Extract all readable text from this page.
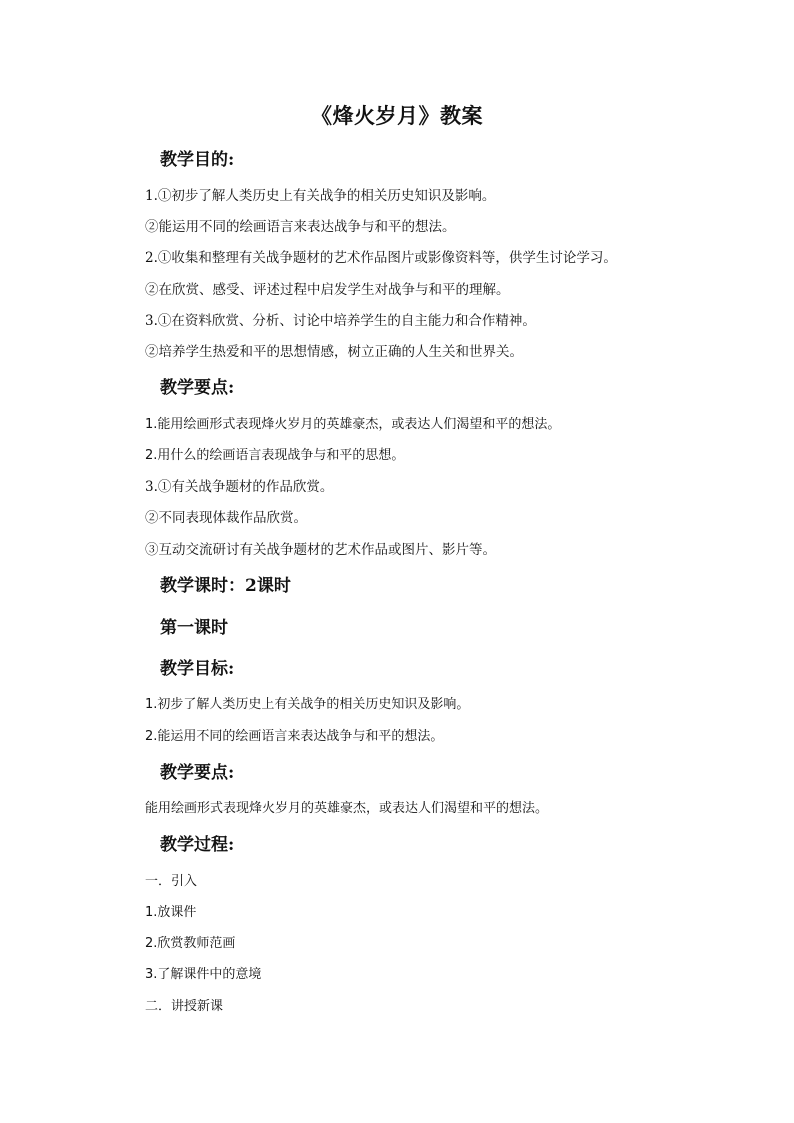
《烽火岁月》教案
教学目的:
1.①初步了解人类历史上有关战争的相关历史知识及影响。
②能运用不同的绘画语言来表达战争与和平的想法。
2.①收集和整理有关战争题材的艺术作品图片或影像资料等，供学生讨论学习。
②在欣赏、感受、评述过程中启发学生对战争与和平的理解。
3.①在资料欣赏、分析、讨论中培养学生的自主能力和合作精神。
②培养学生热爱和平的思想情感，树立正确的人生关和世界关。
教学要点:
1.能用绘画形式表现烽火岁月的英雄豪杰，或表达人们渴望和平的想法。
2.用什么的绘画语言表现战争与和平的思想。
3.①有关战争题材的作品欣赏。
②不同表现体裁作品欣赏。
③互动交流研讨有关战争题材的艺术作品或图片、影片等。
教学课时：2课时
第一课时
教学目标:
1.初步了解人类历史上有关战争的相关历史知识及影响。
2.能运用不同的绘画语言来表达战争与和平的想法。
教学要点:
能用绘画形式表现烽火岁月的英雄豪杰，或表达人们渴望和平的想法。
教学过程:
一．引入
1.放课件
2.欣赏教师范画
3.了解课件中的意境
二．讲授新课
